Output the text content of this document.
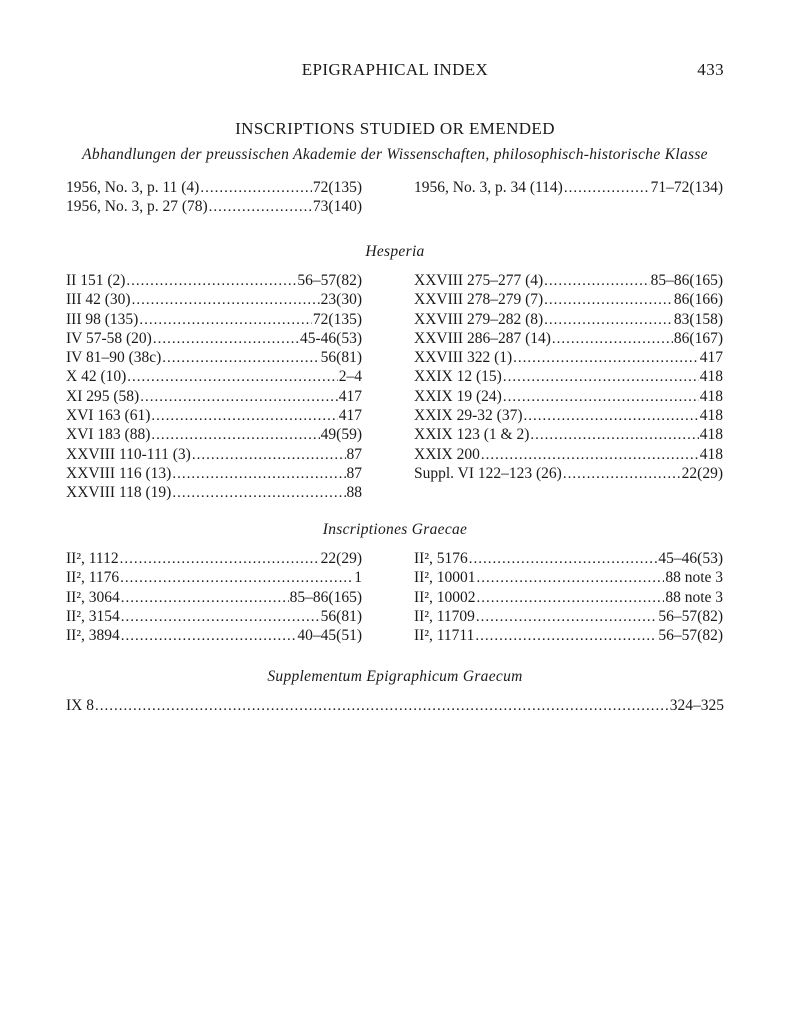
EPIGRAPHICAL INDEX	433
INSCRIPTIONS STUDIED OR EMENDED
Abhandlungen der preussischen Akademie der Wissenschaften, philosophisch-historische Klasse
1956, No. 3, p. 11 (4) .....	72(135)
1956, No. 3, p. 27 (78) .....	73(140)
1956, No. 3, p. 34 (114) .....	71–72(134)
Hesperia
II 151 (2) .....	56–57(82)
III 42 (30) .....	23(30)
III 98 (135) .....	72(135)
IV 57-58 (20) .....	45-46(53)
IV 81–90 (38c) .....	56(81)
X 42 (10) .....	2–4
XI 295 (58) .....	417
XVI 163 (61) .....	417
XVI 183 (88) .....	49(59)
XXVIII 110-111 (3) .....	87
XXVIII 116 (13) .....	87
XXVIII 118 (19) .....	88
XXVIII 275–277 (4) .....	85–86(165)
XXVIII 278–279 (7) .....	86(166)
XXVIII 279–282 (8) .....	83(158)
XXVIII 286–287 (14) .....	86(167)
XXVIII 322 (1) .....	417
XXIX 12 (15) .....	418
XXIX 19 (24) .....	418
XXIX 29-32 (37) .....	418
XXIX 123 (1 & 2) .....	418
XXIX 200 .....	418
Suppl. VI 122–123 (26) .....	22(29)
Inscriptiones Graecae
II², 1112 .....	22(29)
II², 1176 .....	1
II², 3064 .....	85–86(165)
II², 3154 .....	56(81)
II², 3894 .....	40–45(51)
II², 5176 .....	45–46(53)
II², 10001 .....	88 note 3
II², 10002 .....	88 note 3
II², 11709 .....	56–57(82)
II², 11711 .....	56–57(82)
Supplementum Epigraphicum Graecum
IX 8 .....	324–325
